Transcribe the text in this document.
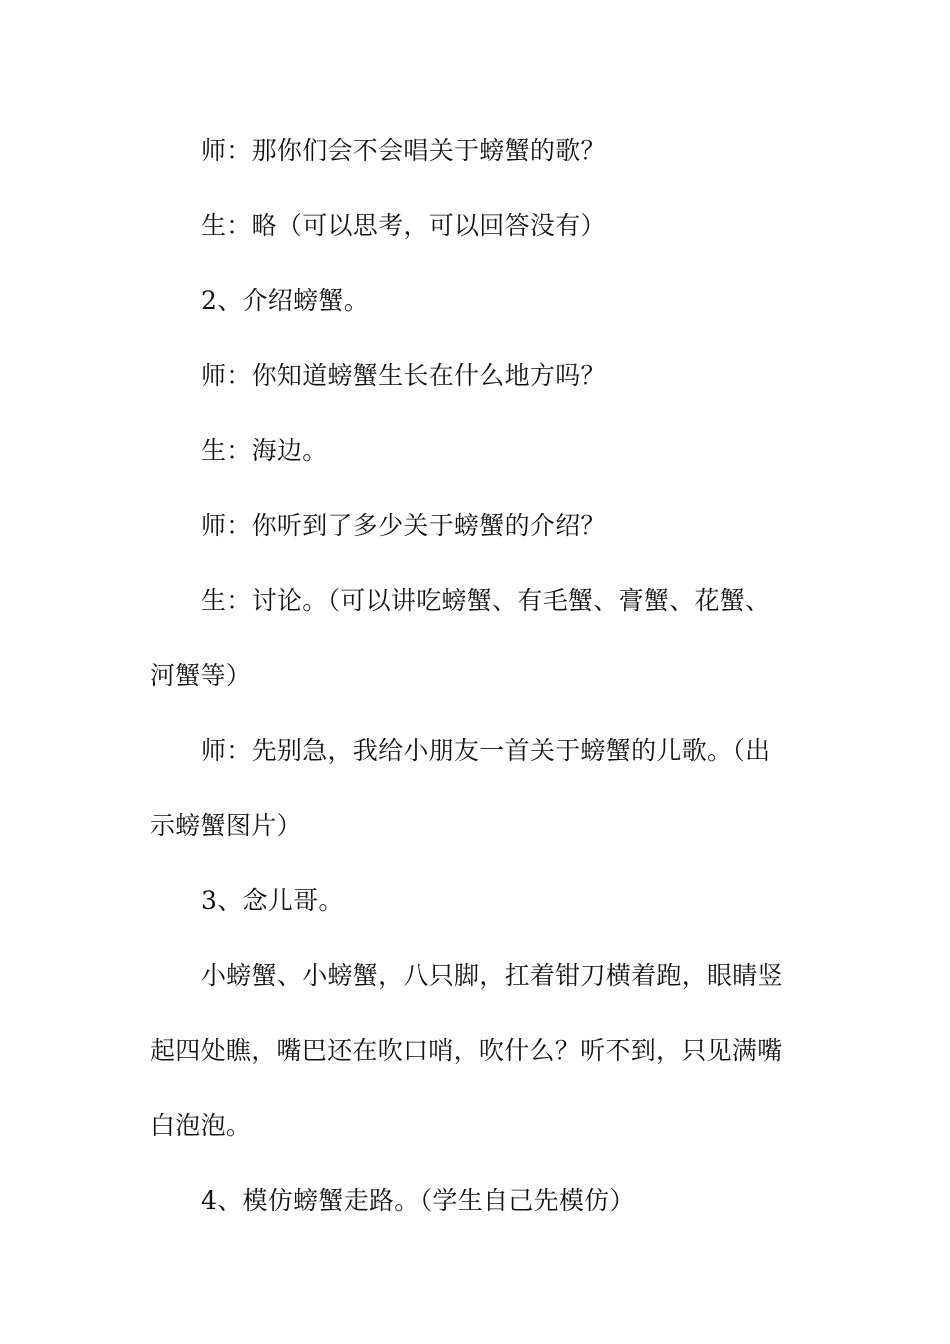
师：那你们会不会唱关于螃蟹的歌？

生：略（可以思考，可以回答没有）

2、介绍螃蟹。

师：你知道螃蟹生长在什么地方吗？

生：海边。

师：你听到了多少关于螃蟹的介绍？

生：讨论。（可以讲吃螃蟹、有毛蟹、膏蟹、花蟹、

河蟹等）

师：先别急，我给小朋友一首关于螃蟹的儿歌。（出

示螃蟹图片）

3、念儿哥。

小螃蟹、小螃蟹，八只脚，扛着钳刀横着跑，眼睛竖

起四处瞧，嘴巴还在吹口哨，吹什么？听不到，只见满嘴

白泡泡。

4、模仿螃蟹走路。（学生自己先模仿）
